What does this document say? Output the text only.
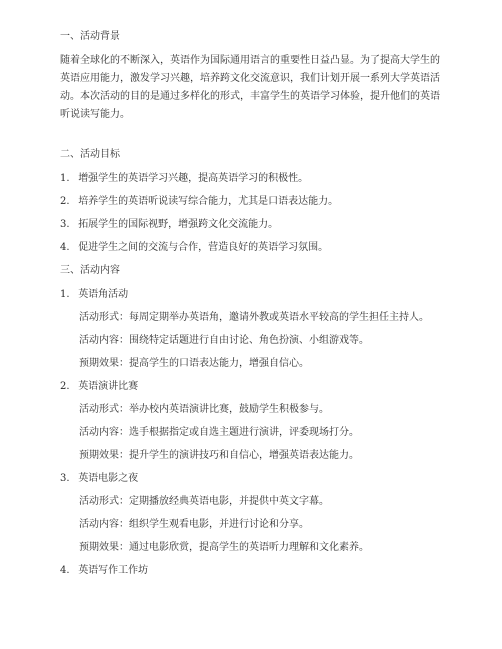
一、活动背景
随着全球化的不断深入，英语作为国际通用语言的重要性日益凸显。为了提高大学生的英语应用能力，激发学习兴趣，培养跨文化交流意识，我们计划开展一系列大学英语活动。本次活动的目的是通过多样化的形式，丰富学生的英语学习体验，提升他们的英语听说读写能力。
二、活动目标
1. 增强学生的英语学习兴趣，提高英语学习的积极性。
2. 培养学生的英语听说读写综合能力，尤其是口语表达能力。
3. 拓展学生的国际视野，增强跨文化交流能力。
4. 促进学生之间的交流与合作，营造良好的英语学习氛围。
三、活动内容
1. 英语角活动
活动形式：每周定期举办英语角，邀请外教或英语水平较高的学生担任主持人。
活动内容：围绕特定话题进行自由讨论、角色扮演、小组游戏等。
预期效果：提高学生的口语表达能力，增强自信心。
2. 英语演讲比赛
活动形式：举办校内英语演讲比赛，鼓励学生积极参与。
活动内容：选手根据指定或自选主题进行演讲，评委现场打分。
预期效果：提升学生的演讲技巧和自信心，增强英语表达能力。
3. 英语电影之夜
活动形式：定期播放经典英语电影，并提供中英文字幕。
活动内容：组织学生观看电影，并进行讨论和分享。
预期效果：通过电影欣赏，提高学生的英语听力理解和文化素养。
4. 英语写作工作坊
